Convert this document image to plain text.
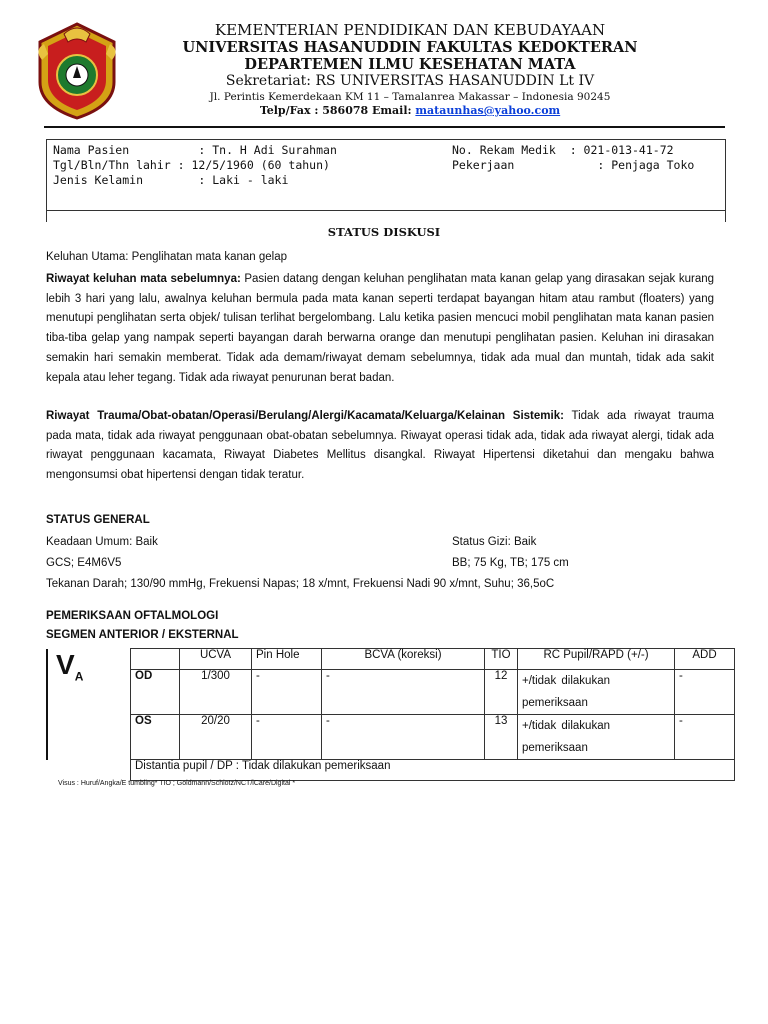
KEMENTERIAN PENDIDIKAN DAN KEBUDAYAAN
UNIVERSITAS HASANUDDIN FAKULTAS KEDOKTERAN
DEPARTEMEN ILMU KESEHATAN MATA
Sekretariat: RS UNIVERSITAS HASANUDDIN Lt IV
Jl. Perintis Kemerdekaan KM 11 – Tamalanrea Makassar – Indonesia 90245
Telp/Fax : 586078 Email: mataunhas@yahoo.com
Nama Pasien          : Tn. H Adi Surahman
Tgl/Bln/Thn lahir : 12/5/1960 (60 tahun)
Jenis Kelamin        : Laki - laki
No. Rekam Medik  : 021-013-41-72
Pekerjaan            : Penjaga Toko
STATUS DISKUSI
Keluhan Utama: Penglihatan mata kanan gelap
Riwayat keluhan mata sebelumnya: Pasien datang dengan keluhan penglihatan mata kanan gelap yang dirasakan sejak kurang lebih 3 hari yang lalu, awalnya keluhan bermula pada mata kanan seperti terdapat bayangan hitam atau rambut (floaters) yang menutupi penglihatan serta objek/ tulisan terlihat bergelombang. Lalu ketika pasien mencuci mobil penglihatan mata kanan pasien tiba-tiba gelap yang nampak seperti bayangan darah berwarna orange dan menutupi penglihatan pasien. Keluhan ini dirasakan semakin hari semakin memberat. Tidak ada demam/riwayat demam sebelumnya, tidak ada mual dan muntah, tidak ada sakit kepala atau leher tegang. Tidak ada riwayat penurunan berat badan.
Riwayat Trauma/Obat-obatan/Operasi/Berulang/Alergi/Kacamata/Keluarga/Kelainan Sistemik: Tidak ada riwayat trauma pada mata, tidak ada riwayat penggunaan obat-obatan sebelumnya. Riwayat operasi tidak ada, tidak ada riwayat alergi, tidak ada riwayat penggunaan kacamata, Riwayat Diabetes Mellitus disangkal. Riwayat Hipertensi diketahui dan mengaku bahwa mengonsumsi obat hipertensi dengan tidak teratur.
STATUS GENERAL
Keadaan Umum: Baik	Status Gizi: Baik
GCS; E4M6V5	BB; 75 Kg, TB; 175 cm
Tekanan Darah; 130/90 mmHg, Frekuensi Napas; 18 x/mnt, Frekuensi Nadi 90 x/mnt, Suhu; 36,5oC
PEMERIKSAAN OFTALMOLOGI
SEGMEN ANTERIOR / EKSTERNAL
$V_A$		UCVA	Pin Hole	BCVA (koreksi)	TIO	RC Pupil/RAPD (+/-)	ADD
	OD	1/300	-	-	12	+/tidak dilakukan pemeriksaan	-
	OS	20/20	-	-	13	+/tidak dilakukan pemeriksaan	-
	Distantia pupil / DP : Tidak dilakukan pemeriksaan						
Visus : Huruf/Angka/E tumbling* TIO ; Goldmann/Schiotz/NCT/iCare/Digital *
